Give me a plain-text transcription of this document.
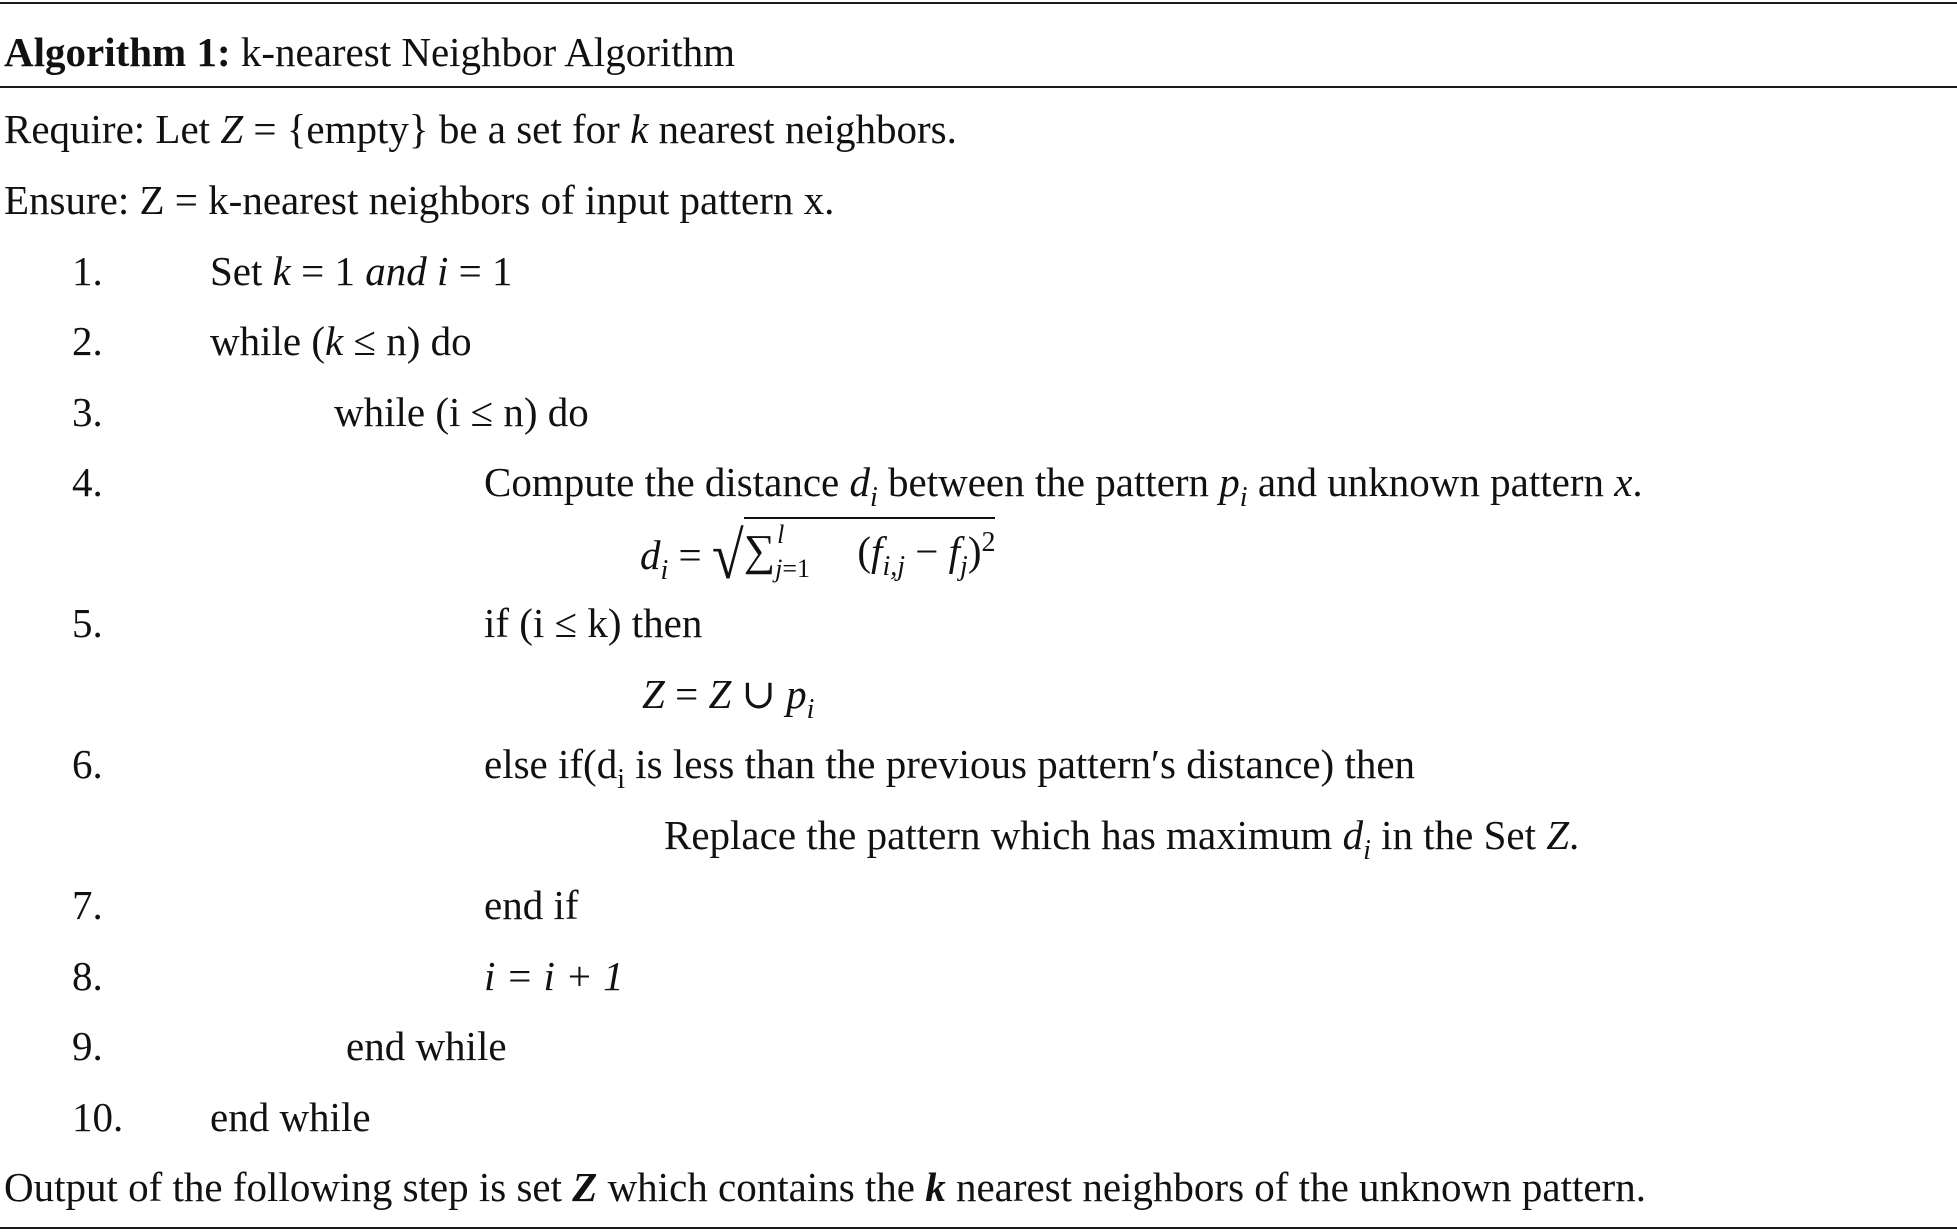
Algorithm 1: k-nearest Neighbor Algorithm
Require: Let Z = {empty} be a set for k nearest neighbors.
Ensure: Z = k-nearest neighbors of input pattern x.
1.	Set k = 1 and i = 1
2.	while (k ≤ n) do
3.	while (i ≤ n) do
4.	Compute the distance $d_i$ between the pattern $p_i$ and unknown pattern x.
$d_i$ = √∑ l
j=1 $(f_{i,j} - f_j)^2$
5.	if (i ≤ k) then
Z = Z ∪ $p_i$
6.	else $if(d_i$ is less than the previous pattern′s distance) then
Replace the pattern which has maximum $d_i$ in the Set Z.
7.	end if
8.	i = i + 1
9.	end while
10. end while
Output of the following step is set Z which contains the k nearest neighbors of the unknown pattern.
